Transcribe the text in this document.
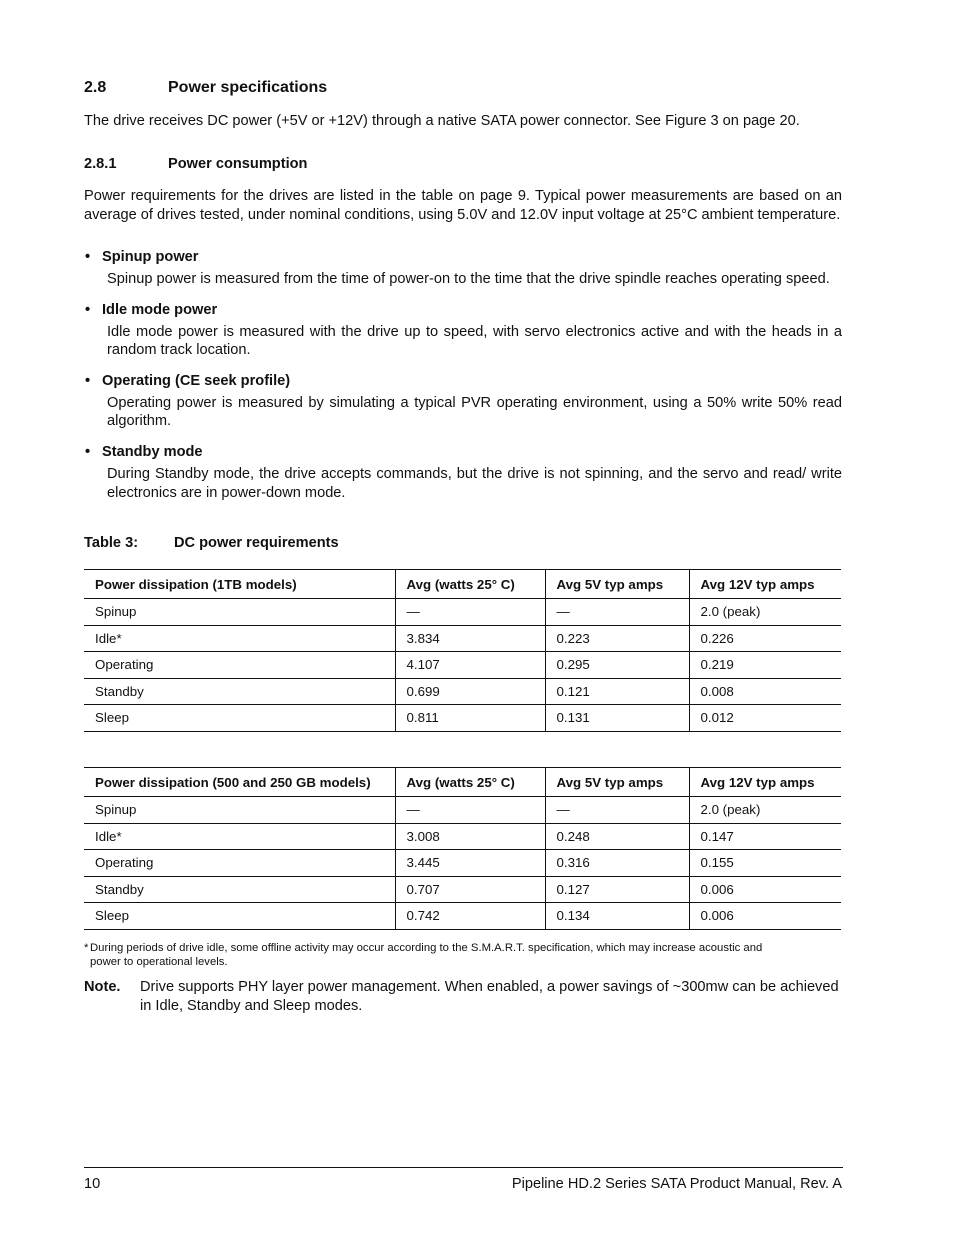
2.8	Power specifications
The drive receives DC power (+5V or +12V) through a native SATA power connector. See Figure 3 on page 20.
2.8.1	Power consumption
Power requirements for the drives are listed in the table on page 9. Typical power measurements are based on an average of drives tested, under nominal conditions, using 5.0V and 12.0V input voltage at 25°C ambient temperature.
• Spinup power
Spinup power is measured from the time of power-on to the time that the drive spindle reaches operating speed.
• Idle mode power
Idle mode power is measured with the drive up to speed, with servo electronics active and with the heads in a random track location.
• Operating (CE seek profile)
Operating power is measured by simulating a typical PVR operating environment, using a 50% write 50% read algorithm.
• Standby mode
During Standby mode, the drive accepts commands, but the drive is not spinning, and the servo and read/ write electronics are in power-down mode.
Table 3: DC power requirements
Power dissipation (1TB models)	Avg (watts 25° C)	Avg 5V typ amps	Avg 12V typ amps
Spinup	—	—	2.0 (peak)
Idle*	3.834	0.223	0.226
Operating	4.107	0.295	0.219
Standby	0.699	0.121	0.008
Sleep	0.811	0.131	0.012
Power dissipation (500 and 250 GB models)	Avg (watts 25° C)	Avg 5V typ amps	Avg 12V typ amps
Spinup	—	—	2.0 (peak)
Idle*	3.008	0.248	0.147
Operating	3.445	0.316	0.155
Standby	0.707	0.127	0.006
Sleep	0.742	0.134	0.006
* During periods of drive idle, some offline activity may occur according to the S.M.A.R.T. specification, which may increase acoustic and
power to operational levels.
Note. Drive supports PHY layer power management. When enabled, a power savings of ~300mw can be achieved in Idle, Standby and Sleep modes.
10	Pipeline HD.2 Series SATA Product Manual, Rev. A
